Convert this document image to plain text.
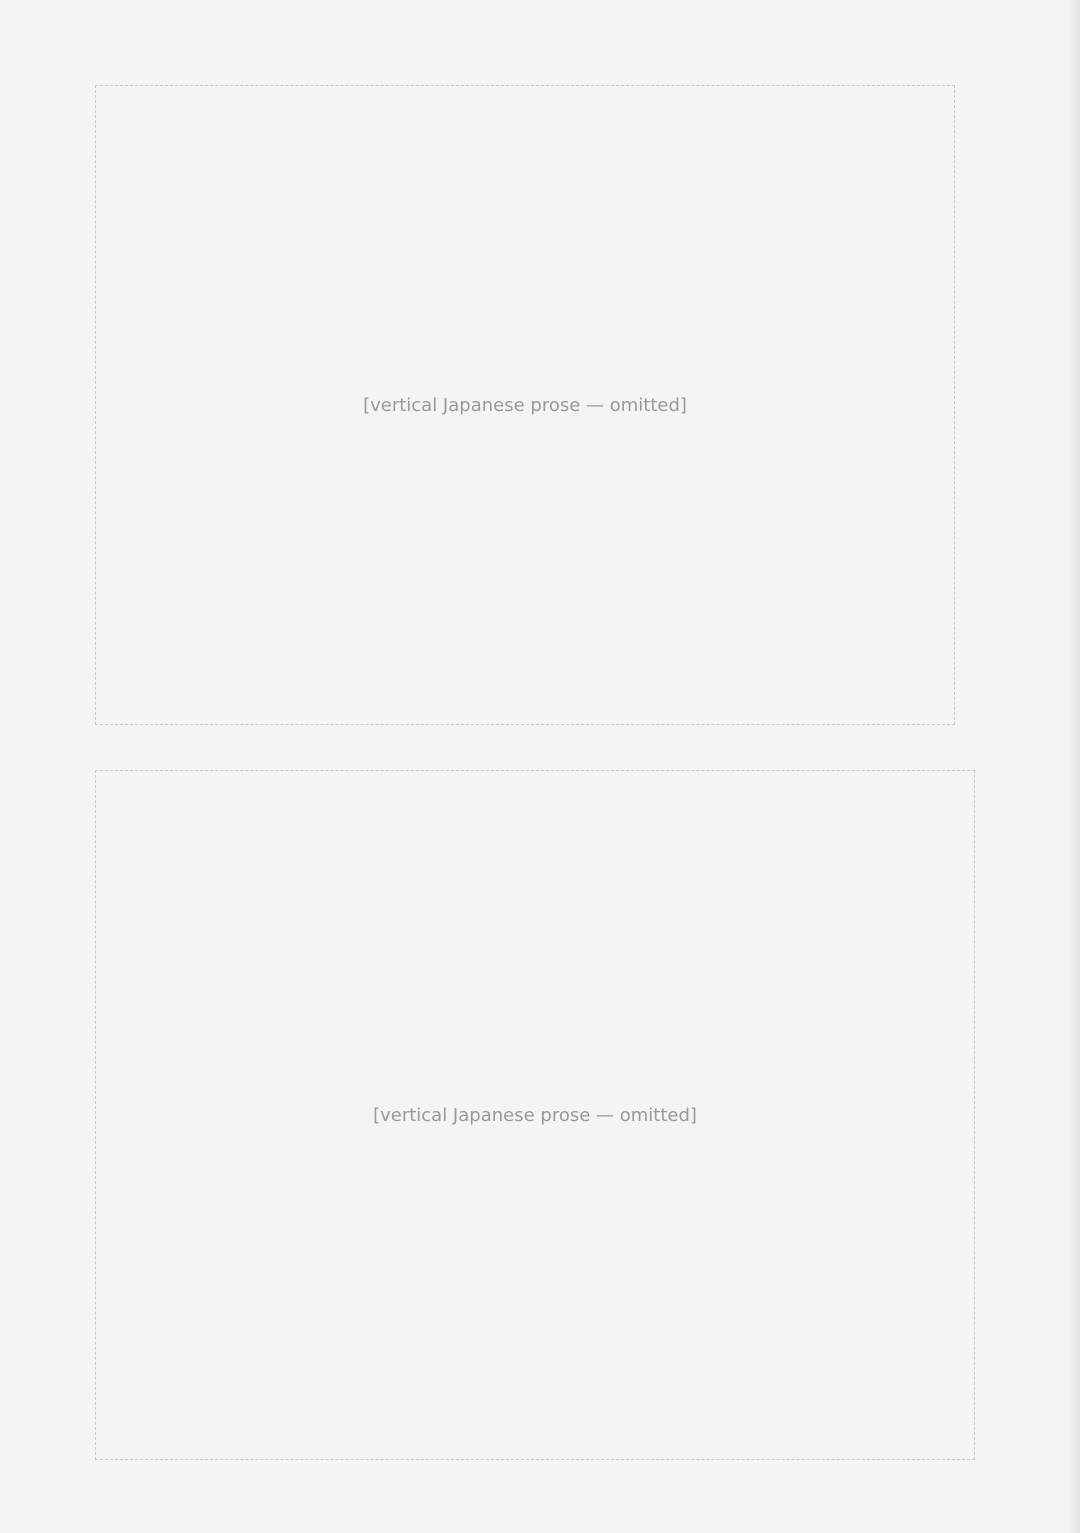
[vertical Japanese prose — omitted]
[vertical Japanese prose — omitted]
